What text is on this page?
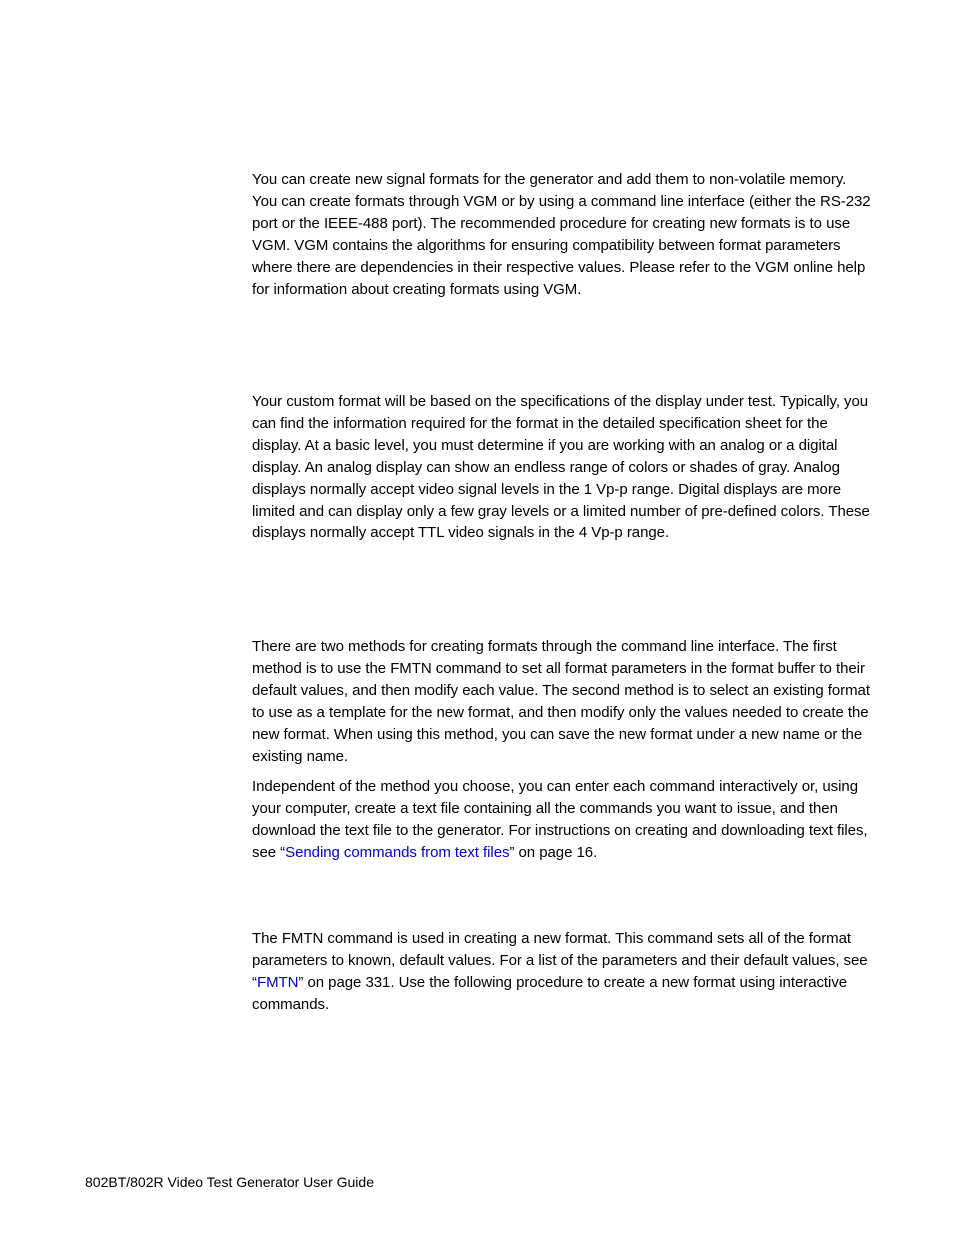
You can create new signal formats for the generator and add them to non-volatile memory. You can create formats through VGM or by using a command line interface (either the RS-232 port or the IEEE-488 port). The recommended procedure for creating new formats is to use VGM. VGM contains the algorithms for ensuring compatibility between format parameters where there are dependencies in their respective values. Please refer to the VGM online help for information about creating formats using VGM.

Your custom format will be based on the specifications of the display under test. Typically, you can find the information required for the format in the detailed specification sheet for the display. At a basic level, you must determine if you are working with an analog or a digital display. An analog display can show an endless range of colors or shades of gray. Analog displays normally accept video signal levels in the 1 Vp-p range. Digital displays are more limited and can display only a few gray levels or a limited number of pre-defined colors. These displays normally accept TTL video signals in the 4 Vp-p range.

There are two methods for creating formats through the command line interface. The first method is to use the FMTN command to set all format parameters in the format buffer to their default values, and then modify each value. The second method is to select an existing format to use as a template for the new format, and then modify only the values needed to create the new format. When using this method, you can save the new format under a new name or the existing name.

Independent of the method you choose, you can enter each command interactively or, using your computer, create a text file containing all the commands you want to issue, and then download the text file to the generator. For instructions on creating and downloading text files, see “Sending commands from text files” on page 16.

The FMTN command is used in creating a new format. This command sets all of the format parameters to known, default values. For a list of the parameters and their default values, see “FMTN” on page 331. Use the following procedure to create a new format using interactive commands.

802BT/802R Video Test Generator User Guide
